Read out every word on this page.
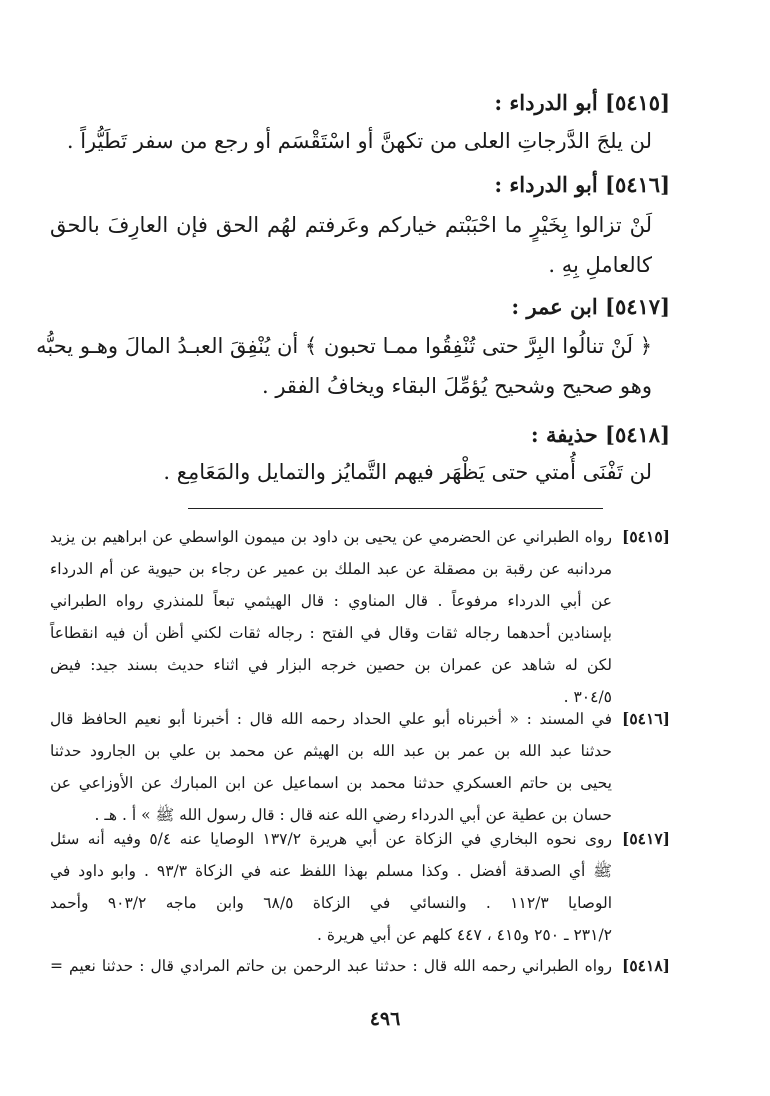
[٥٤١٥] أبو الدرداء :
لن يلجَ الدَّرجاتِ العلى من تكهنَّ أو اسْتَقْسَم أو رجع من سفر تَطَيُّراً .
[٥٤١٦] أبو الدرداء :
لَنْ تزالوا بِخَيْرٍ ما احْبَبْتم خياركم وعَرفتم لهُم الحق فإن العارِفَ بالحق
كالعاملِ بِهِ .
[٥٤١٧] ابن عمر :
﴿ لَنْ تنالُوا البِرَّ حتى تُنْفِقُوا ممـا تحبون ﴾ أن يُنْفِقَ العبـدُ المالَ وهـو يحبُّه
وهو صحيح وشحيح يُؤمِّلَ البقاء ويخافُ الفقر .
[٥٤١٨] حذيفة :
لن تَفْنَى أُمتي حتى يَظْهَر فيهم التَّمايُز والتمايل والمَعَامِع .
[٥٤١٥]
رواه الطبراني عن الحضرمي عن يحيى بن داود بن ميمون الواسطي عن ابراهيم بن يزيد
مردانبه عن رقبة بن مصقلة عن عبد الملك بن عمير عن رجاء بن حيوية عن أم الدرداء
عن أبي الدرداء مرفوعاً . قال المناوي : قال الهيثمي تبعاً للمنذري رواه الطبراني
بإسنادين أحدهما رجاله ثقات وقال في الفتح : رجاله ثقات لكني أظن أن فيه انقطاعاً
لكن له شاهد عن عمران بن حصين خرجه البزار في اثناء حديث بسند جيد: فيض
٣٠٤/٥ .
[٥٤١٦]
في المسند : « أخبرناه أبو علي الحداد رحمه الله قال : أخبرنا أبو نعيم الحافظ قال
حدثنا عبد الله بن عمر بن عبد الله بن الهيثم عن محمد بن علي بن الجارود حدثنا
يحيى بن حاتم العسكري حدثنا محمد بن اسماعيل عن ابن المبارك عن الأوزاعي عن
حسان بن عطية عن أبي الدرداء رضي الله عنه قال : قال رسول الله ﷺ » أ . هـ .
[٥٤١٧]
روى نحوه البخاري في الزكاة عن أبي هريرة ١٣٧/٢ الوصايا عنه ٥/٤ وفيه أنه سئل
ﷺ أي الصدقة أفضل . وكذا مسلم بهذا اللفظ عنه في الزكاة ٩٣/٣ . وابو داود في
الوصايا ١١٢/٣ . والنسائي في الزكاة ٦٨/٥ وابن ماجه ٩٠٣/٢ وأحمد
٢٣١/٢ ـ ٢٥٠ و٤١٥ ، ٤٤٧ كلهم عن أبي هريرة .
[٥٤١٨]
رواه الطبراني رحمه الله قال : حدثنا عبد الرحمن بن حاتم المرادي قال : حدثنا نعيم =
٤٩٦
